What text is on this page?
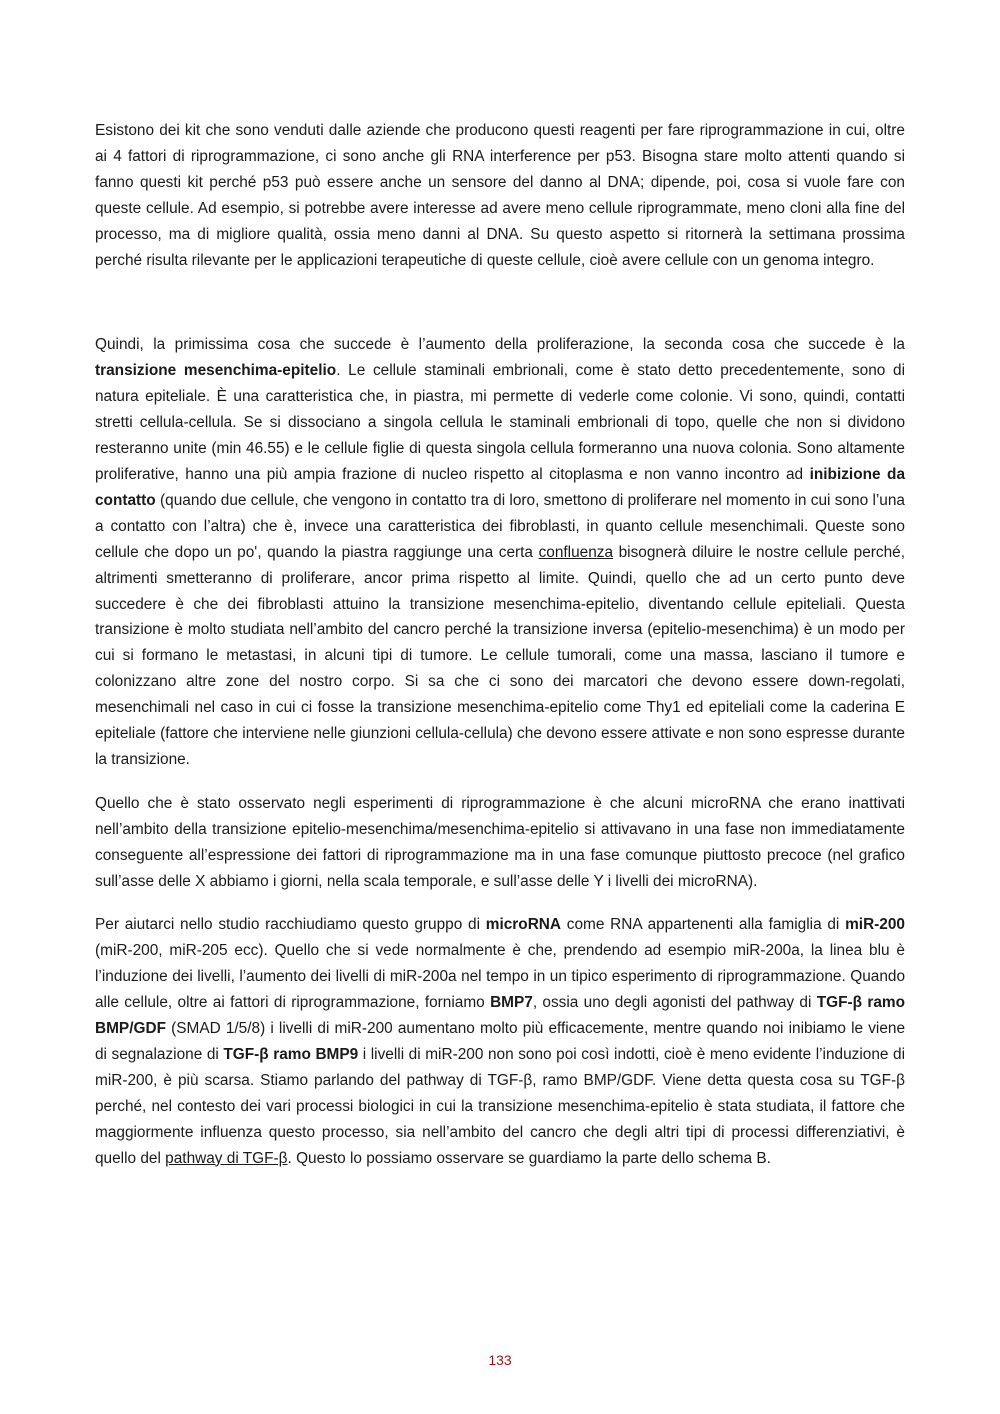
Esistono dei kit che sono venduti dalle aziende che producono questi reagenti per fare riprogrammazione in cui, oltre ai 4 fattori di riprogrammazione, ci sono anche gli RNA interference per p53. Bisogna stare molto attenti quando si fanno questi kit perché p53 può essere anche un sensore del danno al DNA; dipende, poi, cosa si vuole fare con queste cellule. Ad esempio, si potrebbe avere interesse ad avere meno cellule riprogrammate, meno cloni alla fine del processo, ma di migliore qualità, ossia meno danni al DNA. Su questo aspetto si ritornerà la settimana prossima perché risulta rilevante per le applicazioni terapeutiche di queste cellule, cioè avere cellule con un genoma integro.

Quindi, la primissima cosa che succede è l’aumento della proliferazione, la seconda cosa che succede è la transizione mesenchima-epitelio. Le cellule staminali embrionali, come è stato detto precedentemente, sono di natura epiteliale. È una caratteristica che, in piastra, mi permette di vederle come colonie. Vi sono, quindi, contatti stretti cellula-cellula. Se si dissociano a singola cellula le staminali embrionali di topo, quelle che non si dividono resteranno unite (min 46.55) e le cellule figlie di questa singola cellula formeranno una nuova colonia. Sono altamente proliferative, hanno una più ampia frazione di nucleo rispetto al citoplasma e non vanno incontro ad inibizione da contatto (quando due cellule, che vengono in contatto tra di loro, smettono di proliferare nel momento in cui sono l’una a contatto con l’altra) che è, invece una caratteristica dei fibroblasti, in quanto cellule mesenchimali. Queste sono cellule che dopo un po', quando la piastra raggiunge una certa confluenza bisognerà diluire le nostre cellule perché, altrimenti smetteranno di proliferare, ancor prima rispetto al limite. Quindi, quello che ad un certo punto deve succedere è che dei fibroblasti attuino la transizione mesenchima-epitelio, diventando cellule epiteliali. Questa transizione è molto studiata nell’ambito del cancro perché la transizione inversa (epitelio-mesenchima) è un modo per cui si formano le metastasi, in alcuni tipi di tumore. Le cellule tumorali, come una massa, lasciano il tumore e colonizzano altre zone del nostro corpo. Si sa che ci sono dei marcatori che devono essere down-regolati, mesenchimali nel caso in cui ci fosse la transizione mesenchima-epitelio come Thy1 ed epiteliali come la caderina E epiteliale (fattore che interviene nelle giunzioni cellula-cellula) che devono essere attivate e non sono espresse durante la transizione.

Quello che è stato osservato negli esperimenti di riprogrammazione è che alcuni microRNA che erano inattivati nell’ambito della transizione epitelio-mesenchima/mesenchima-epitelio si attivavano in una fase non immediatamente conseguente all’espressione dei fattori di riprogrammazione ma in una fase comunque piuttosto precoce (nel grafico sull’asse delle X abbiamo i giorni, nella scala temporale, e sull’asse delle Y i livelli dei microRNA).

Per aiutarci nello studio racchiudiamo questo gruppo di microRNA come RNA appartenenti alla famiglia di miR-200 (miR-200, miR-205 ecc). Quello che si vede normalmente è che, prendendo ad esempio miR-200a, la linea blu è l’induzione dei livelli, l’aumento dei livelli di miR-200a nel tempo in un tipico esperimento di riprogrammazione. Quando alle cellule, oltre ai fattori di riprogrammazione, forniamo BMP7, ossia uno degli agonisti del pathway di TGF-β ramo BMP/GDF (SMAD 1/5/8) i livelli di miR-200 aumentano molto più efficacemente, mentre quando noi inibiamo le viene di segnalazione di TGF-β ramo BMP9 i livelli di miR-200 non sono poi così indotti, cioè è meno evidente l’induzione di miR-200, è più scarsa. Stiamo parlando del pathway di TGF-β, ramo BMP/GDF. Viene detta questa cosa su TGF-β perché, nel contesto dei vari processi biologici in cui la transizione mesenchima-epitelio è stata studiata, il fattore che maggiormente influenza questo processo, sia nell’ambito del cancro che degli altri tipi di processi differenziativi, è quello del pathway di TGF-β. Questo lo possiamo osservare se guardiamo la parte dello schema B.

133
